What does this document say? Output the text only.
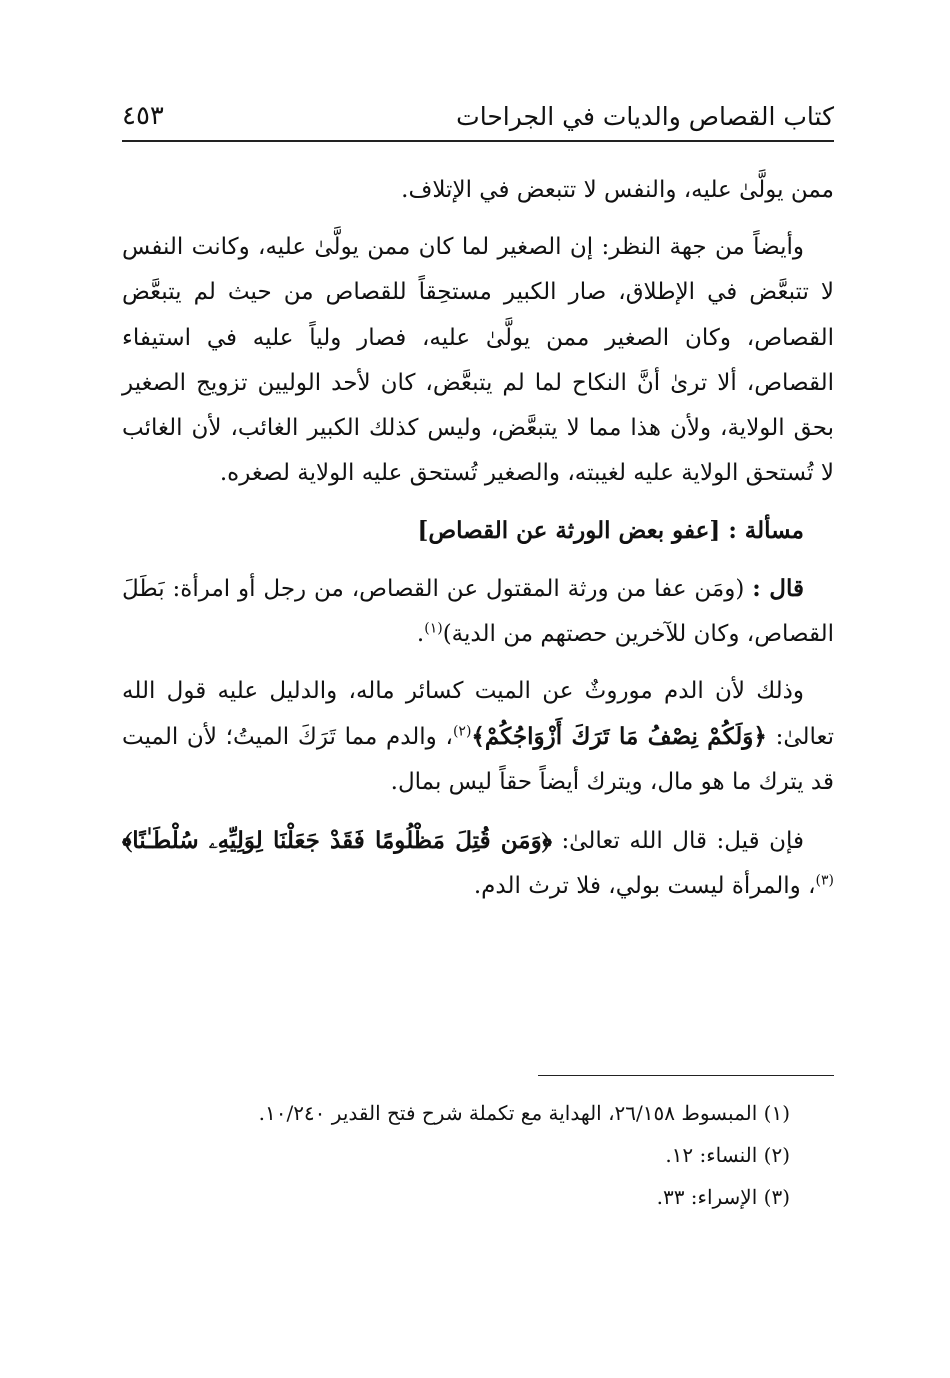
كتاب القصاص والديات في الجراحات
٤٥٣

ممن يولَّىٰ عليه، والنفس لا تتبعض في الإتلاف.

وأيضاً من جهة النظر: إن الصغير لما كان ممن يولَّىٰ عليه، وكانت النفس لا تتبعَّض في الإطلاق، صار الكبير مستحِقاً للقصاص من حيث لم يتبعَّض القصاص، وكان الصغير ممن يولَّىٰ عليه، فصار ولياً عليه في استيفاء القصاص، ألا ترىٰ أنَّ النكاح لما لم يتبعَّض، كان لأحد الوليين تزويج الصغير بحق الولاية، ولأن هذا مما لا يتبعَّض، وليس كذلك الكبير الغائب، لأن الغائب لا تُستحق الولاية عليه لغيبته، والصغير تُستحق عليه الولاية لصغره.

مسألة : [عفو بعض الورثة عن القصاص]

قال : (ومَن عفا من ورثة المقتول عن القصاص، من رجل أو امرأة: بَطَلَ القصاص، وكان للآخرين حصتهم من الدية)$^{(١)}$.

وذلك لأن الدم موروثٌ عن الميت كسائر ماله، والدليل عليه قول الله تعالىٰ: ﴿وَلَكُمْ نِصْفُ مَا تَرَكَ أَزْوَاجُكُمْ﴾$^{(٢)}$، والدم مما تَرَكَ الميتُ؛ لأن الميت قد يترك ما هو مال، ويترك أيضاً حقاً ليس بمال.

فإن قيل: قال الله تعالىٰ: ﴿وَمَن قُتِلَ مَظْلُومًا فَقَدْ جَعَلْنَا لِوَلِيِّهِۦ سُلْطَـٰنًا﴾$^{(٣)}$، والمرأة ليست بولي، فلا ترث الدم.

(١) المبسوط ٢٦/١٥٨، الهداية مع تكملة شرح فتح القدير ١٠/٢٤٠.
(٢) النساء: ١٢.
(٣) الإسراء: ٣٣.
